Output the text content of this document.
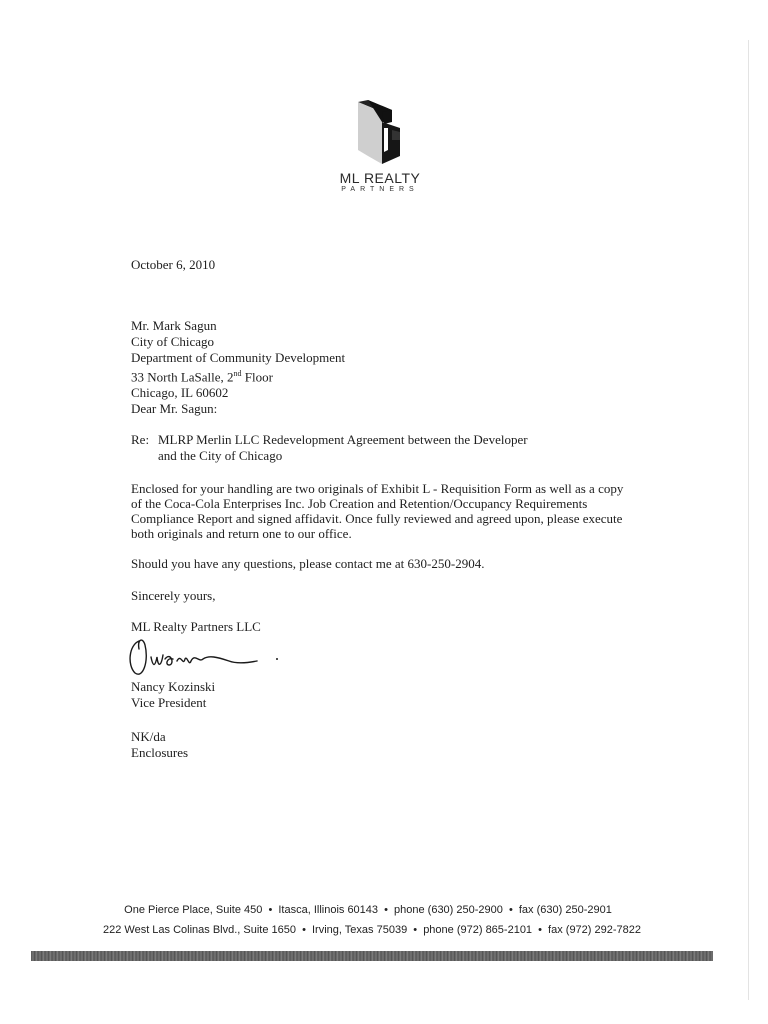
ML REALTY
PARTNERS

October 6, 2010

Mr. Mark Sagun
City of Chicago
Department of Community Development
33 North LaSalle, 2nd Floor
Chicago, IL 60602

Dear Mr. Sagun:

Re: MLRP Merlin LLC Redevelopment Agreement between the Developer
and the City of Chicago

Enclosed for your handling are two originals of Exhibit L - Requisition Form as well as a copy of the Coca-Cola Enterprises Inc. Job Creation and Retention/Occupancy Requirements Compliance Report and signed affidavit. Once fully reviewed and agreed upon, please execute both originals and return one to our office.

Should you have any questions, please contact me at 630-250-2904.

Sincerely yours,

ML Realty Partners LLC

Nancy Kozinski

Vice President

NK/da

Enclosures

One Pierce Place, Suite 450 • Itasca, Illinois 60143 • phone (630) 250-2900 • fax (630) 250-2901
222 West Las Colinas Blvd., Suite 1650 • Irving, Texas 75039 • phone (972) 865-2101 • fax (972) 292-7822
